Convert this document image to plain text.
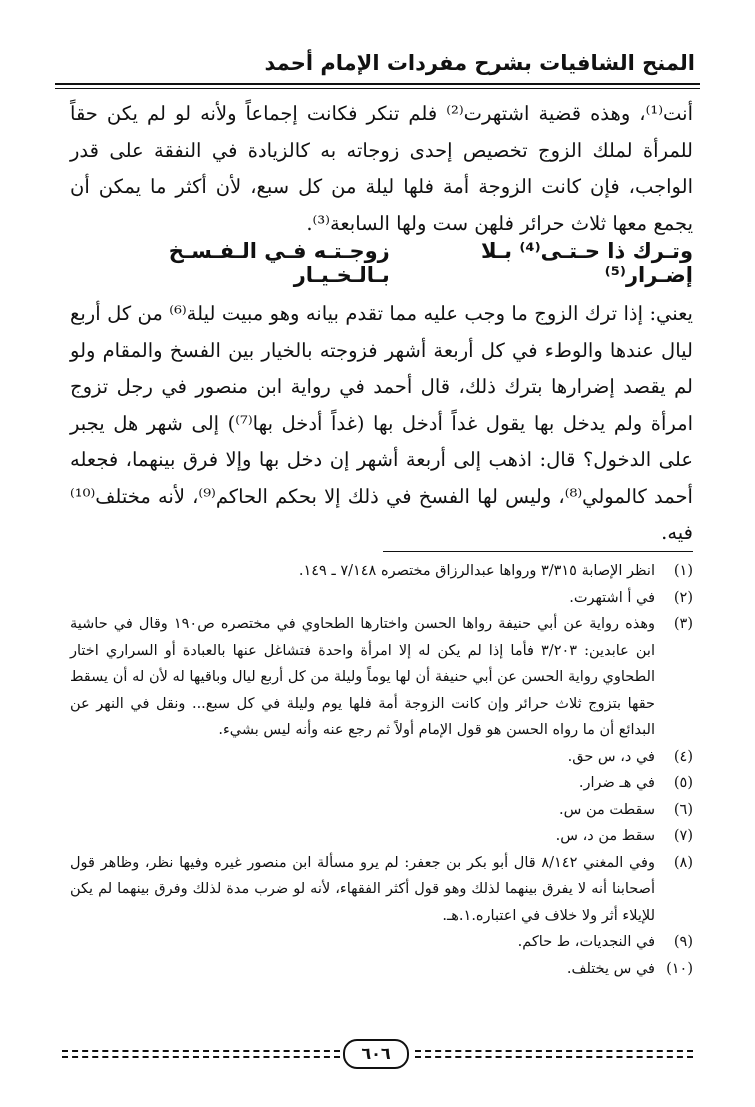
المنح الشافيات بشرح مفردات الإمام أحمد

أنت⁽¹⁾، وهذه قضية اشتهرت⁽²⁾ فلم تنكر فكانت إجماعاً ولأنه لو لم يكن حقاً للمرأة لملك الزوج تخصيص إحدى زوجاته به كالزيادة في النفقة على قدر الواجب، فإن كانت الزوجة أمة فلها ليلة من كل سبع، لأن أكثر ما يمكن أن يجمع معها ثلاث حرائر فلهن ست ولها السابعة⁽³⁾.

وتـرك ذا حـتـى⁽⁴⁾ بـلا إضـرار⁽⁵⁾
زوجـتـه فـي الـفـسـخ بـالـخـيـار

يعني: إذا ترك الزوج ما وجب عليه مما تقدم بيانه وهو مبيت ليلة⁽⁶⁾ من كل أربع ليال عندها والوطء في كل أربعة أشهر فزوجته بالخيار بين الفسخ والمقام ولو لم يقصد إضرارها بترك ذلك، قال أحمد في رواية ابن منصور في رجل تزوج امرأة ولم يدخل بها يقول غداً أدخل بها (غداً أدخل بها⁽⁷⁾) إلى شهر هل يجبر على الدخول؟ قال: اذهب إلى أربعة أشهر إن دخل بها وإلا فرق بينهما، فجعله أحمد كالمولي⁽⁸⁾، وليس لها الفسخ في ذلك إلا بحكم الحاكم⁽⁹⁾، لأنه مختلف⁽¹⁰⁾ فيه.

(١)
انظر الإصابة ٣/٣١٥ ورواها عبدالرزاق مختصره ٧/١٤٨ ـ ١٤٩.
(٢)
في أ اشتهرت.
(٣)
وهذه رواية عن أبي حنيفة رواها الحسن واختارها الطحاوي في مختصره ص١٩٠ وقال في حاشية ابن عابدين: ٣/٢٠٣ فأما إذا لم يكن له إلا امرأة واحدة فتشاغل عنها بالعبادة أو السراري اختار الطحاوي رواية الحسن عن أبي حنيفة أن لها يوماً وليلة من كل أربع ليال وباقيها له لأن له أن يسقط حقها بتزوج ثلاث حرائر وإن كانت الزوجة أمة فلها يوم وليلة في كل سبع... ونقل في النهر عن البدائع أن ما رواه الحسن هو قول الإمام أولاً ثم رجع عنه وأنه ليس بشيء.
(٤)
في د، س حق.
(٥)
في هـ ضرار.
(٦)
سقطت من س.
(٧)
سقط من د، س.
(٨)
وفي المغني ٨/١٤٢ قال أبو بكر بن جعفر: لم يرو مسألة ابن منصور غيره وفيها نظر، وظاهر قول أصحابنا أنه لا يفرق بينهما لذلك وهو قول أكثر الفقهاء، لأنه لو ضرب مدة لذلك وفرق بينهما لم يكن للإيلاء أثر ولا خلاف في اعتباره.١.هـ.
(٩)
في النجديات، ط حاكم.
(١٠)
في س يختلف.
٦٠٦
